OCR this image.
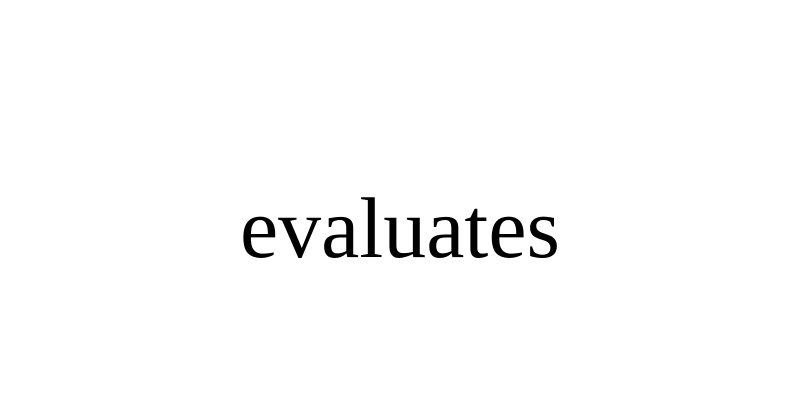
evaluates
